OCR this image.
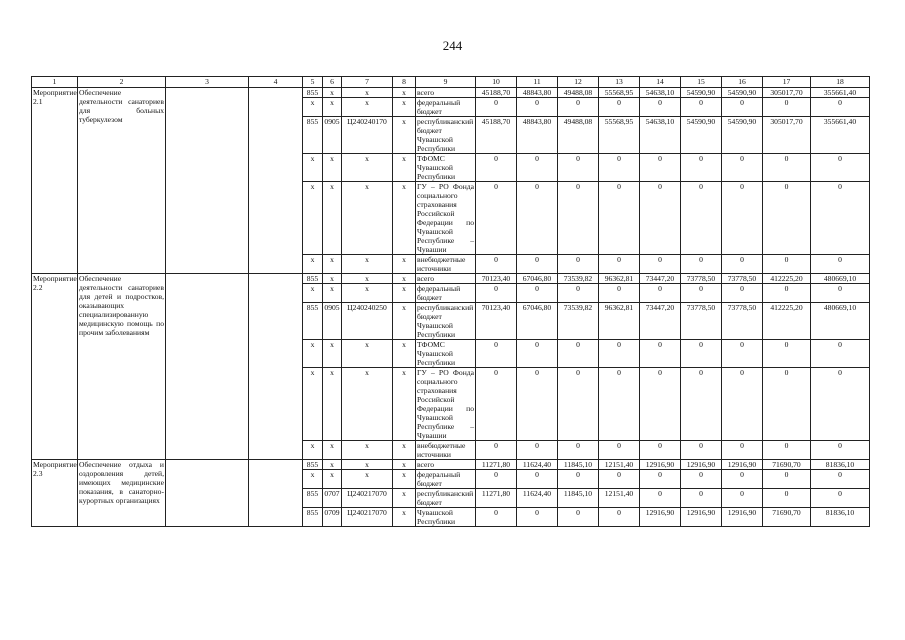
244
1	2	3	4	5	6	7	8	9	10	11	12	13	14	15	16	17	18
Мероприятие 2.1	Обеспечение деятельности санаториев для больных туберкулезом			855	x	x	x	всего	45188,70	48843,80	49488,08	55568,95	54638,10	54590,90	54590,90	305017,70	355661,40
				x	x	x	x	федеральный бюджет	0	0	0	0	0	0	0	0	0
				855	0905	Ц240240170	x	республиканский бюджет Чувашской Республики	45188,70	48843,80	49488,08	55568,95	54638,10	54590,90	54590,90	305017,70	355661,40
				x	x	x	x	ТФОМС Чувашской Республики	0	0	0	0	0	0	0	0	0
				x	x	x	x	ГУ – РО Фонда социального страхования Российской Федерации по Чувашской Республике – Чувашии	0	0	0	0	0	0	0	0	0
				x	x	x	x	внебюджетные источники	0	0	0	0	0	0	0	0	0
Мероприятие 2.2	Обеспечение деятельности санаториев для детей и подростков, оказывающих специализированную медицинскую помощь по прочим заболеваниям			855	x	x	x	всего	70123,40	67046,80	73539,82	96362,81	73447,20	73778,50	73778,50	412225,20	480669,10
				x	x	x	x	федеральный бюджет	0	0	0	0	0	0	0	0	0
				855	0905	Ц240240250	x	республиканский бюджет Чувашской Республики	70123,40	67046,80	73539,82	96362,81	73447,20	73778,50	73778,50	412225,20	480669,10
				x	x	x	x	ТФОМС Чувашской Республики	0	0	0	0	0	0	0	0	0
				x	x	x	x	ГУ – РО Фонда социального страхования Российской Федерации по Чувашской Республике – Чувашии	0	0	0	0	0	0	0	0	0
				x	x	x	x	внебюджетные источники	0	0	0	0	0	0	0	0	0
Мероприятие 2.3	Обеспечение отдыха и оздоровления детей, имеющих медицинские показания, в санаторно-курортных организациях			855	x	x	x	всего	11271,80	11624,40	11845,10	12151,40	12916,90	12916,90	12916,90	71690,70	81836,10
				x	x	x	x	федеральный бюджет	0	0	0	0	0	0	0	0	0
				855	0707	Ц240217070	x	республиканский бюджет	11271,80	11624,40	11845,10	12151,40	0	0	0	0	0
				855	0709	Ц240217070	x	Чувашской Республики	0	0	0	0	12916,90	12916,90	12916,90	71690,70	81836,10
